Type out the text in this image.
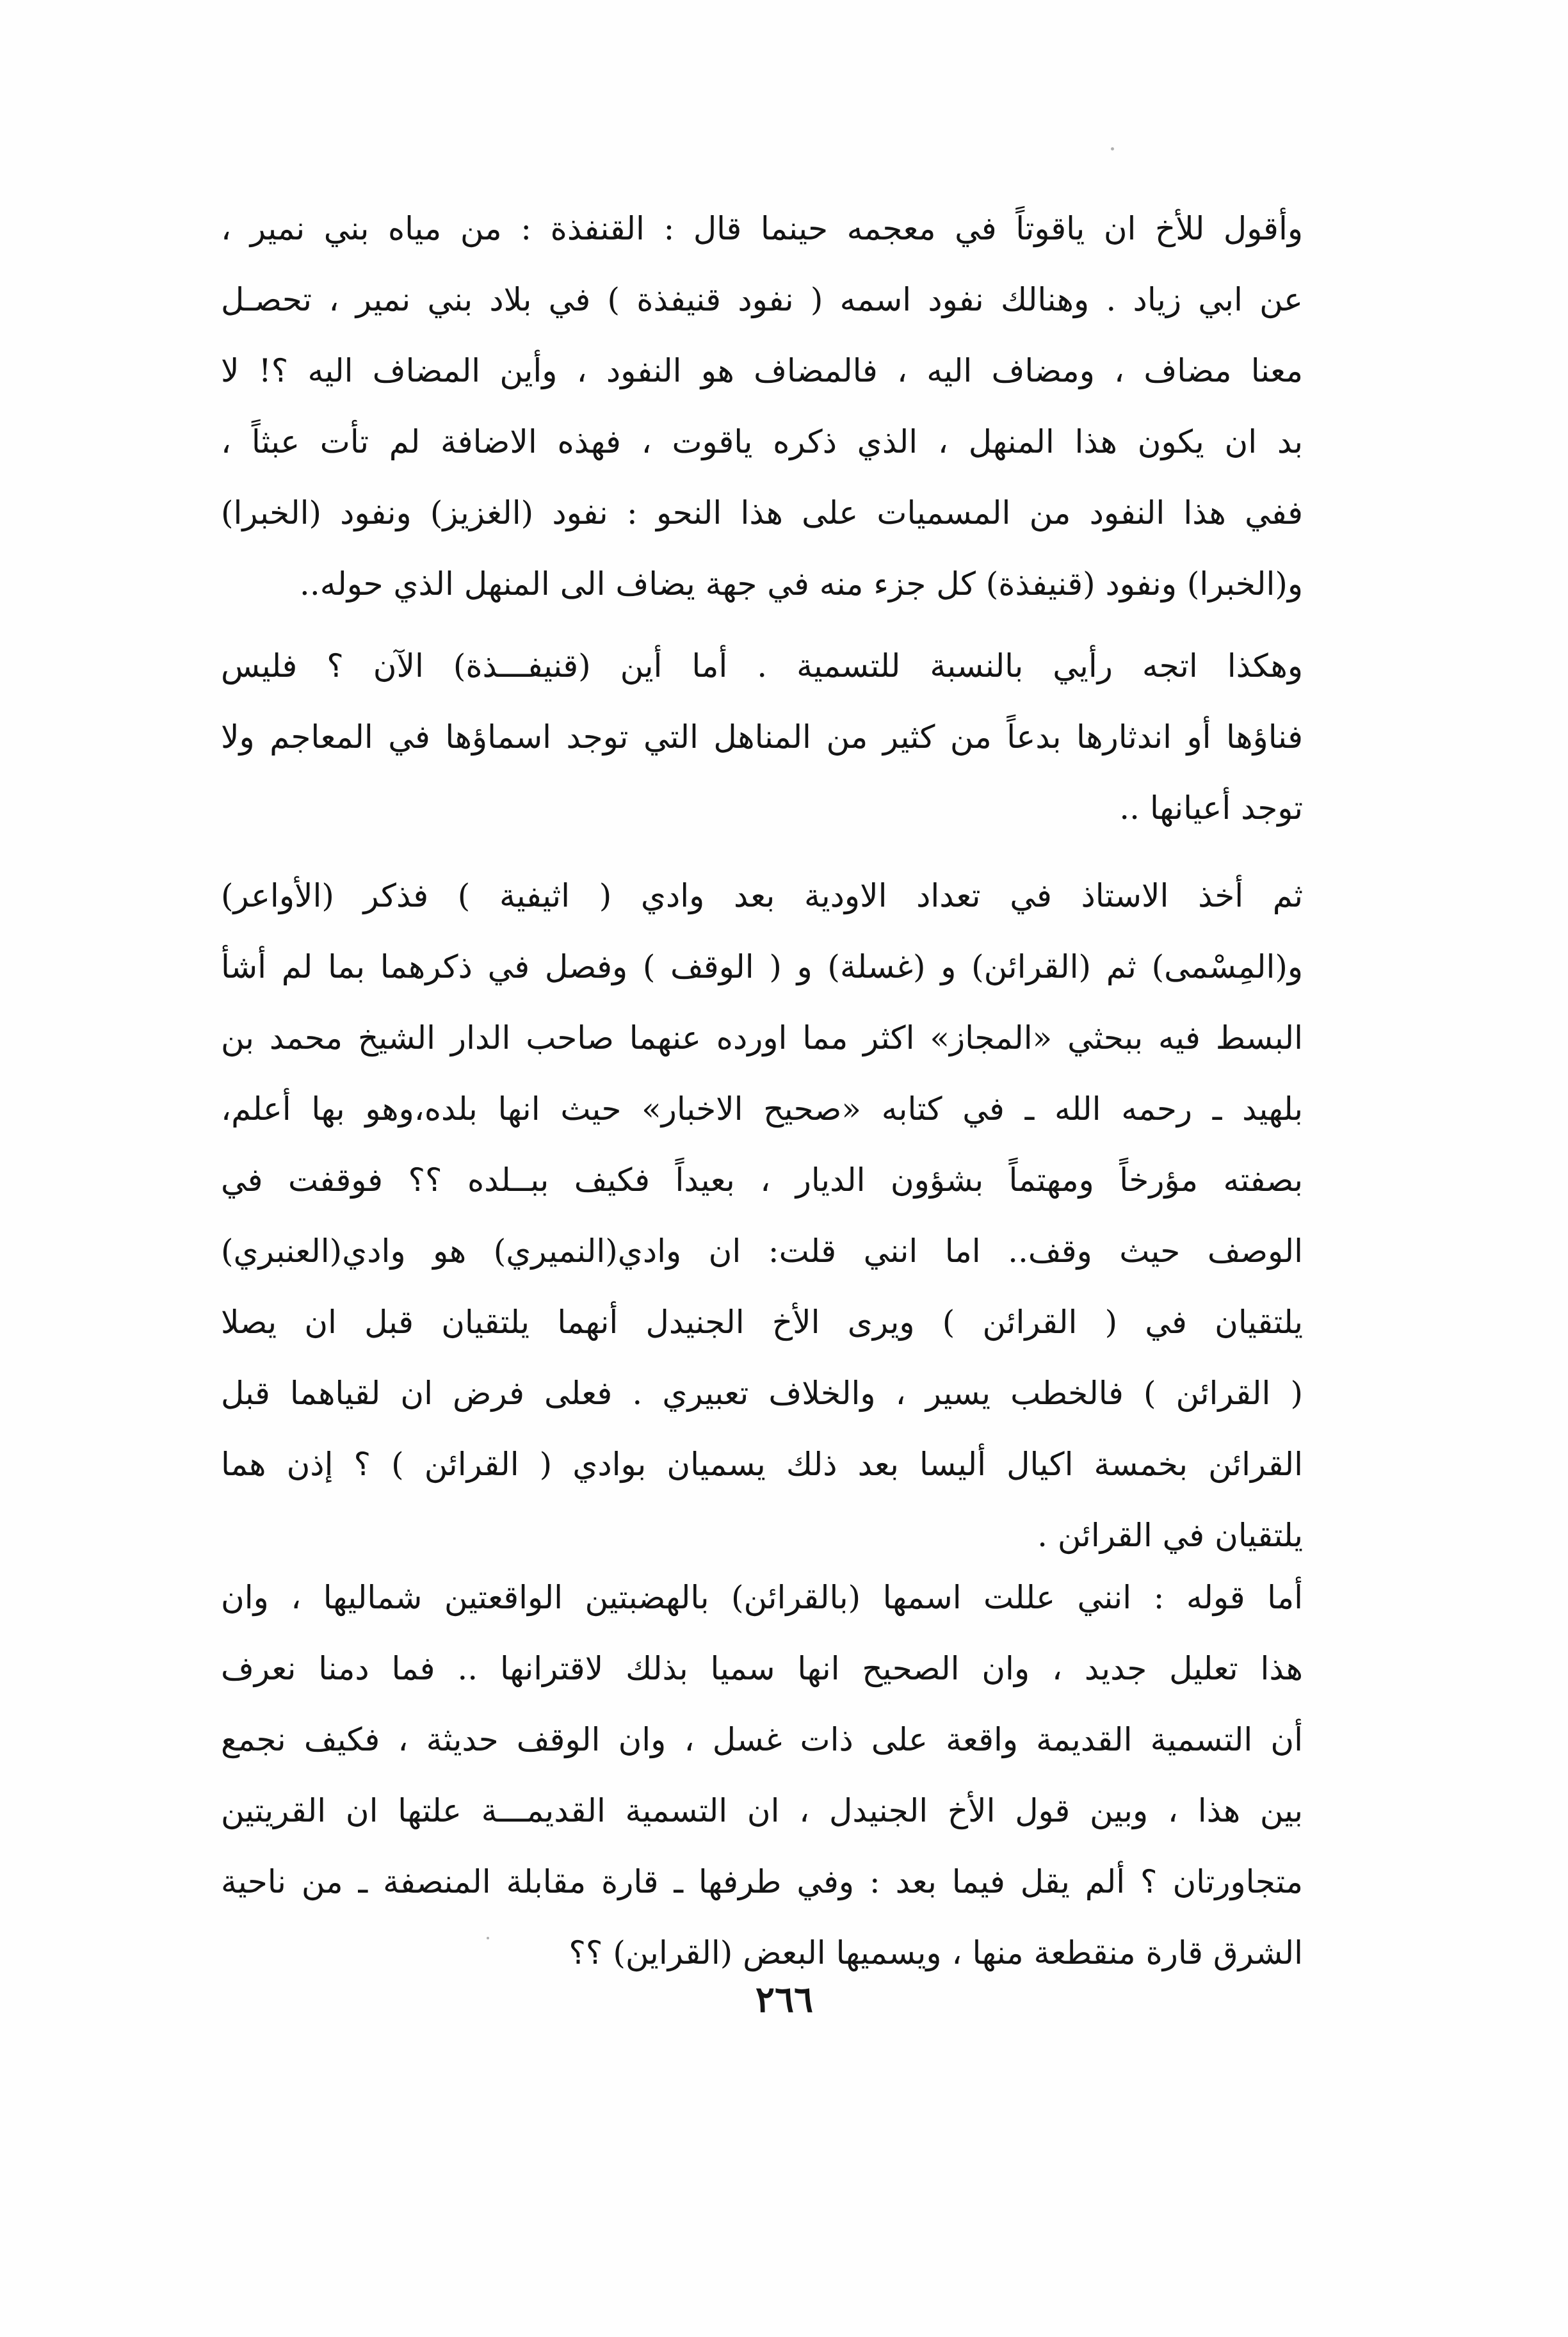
وأقول للأخ ان ياقوتاً في معجمه حينما قال : القنفذة : من مياه بني نمير ،
عن ابي زياد . وهنالك نفود اسمه ( نفود قنيفذة ) في بلاد بني نمير ، تحصـل
معنا مضاف ، ومضاف اليه ، فالمضاف هو النفود ، وأين المضاف اليه ؟! لا
بد ان يكون هذا المنهل ، الذي ذكره ياقوت ، فهذه الاضافة لم تأت عبثاً ،
ففي هذا النفود من المسميات على هذا النحو : نفود (الغزيز) ونفود (الخبرا)
و(الخبرا) ونفود (قنيفذة) كل جزء منه في جهة يضاف الى المنهل الذي حوله..
وهكذا اتجه رأيي بالنسبة للتسمية . أما أين (قنيفـــذة) الآن ؟ فليس
فناؤها أو اندثارها بدعاً من كثير من المناهل التي توجد اسماؤها في المعاجم ولا
توجد أعيانها ..
ثم أخذ الاستاذ في تعداد الاودية بعد وادي ( اثيفية ) فذكر (الأواعر)
و(المِسْمى) ثم (القرائن) و (غسلة) و ( الوقف ) وفصل في ذكرهما بما لم أشأ
البسط فيه ببحثي «المجاز» اكثر مما اورده عنهما صاحب الدار الشيخ محمد بن
بلهيد ـ رحمه الله ـ في كتابه «صحيح الاخبار» حيث انها بلده،وهو بها أعلم،
بصفته مؤرخاً ومهتماً بشؤون الديار ، بعيداً فكيف ببــلده ؟؟ فوقفت في
الوصف حيث وقف.. اما انني قلت: ان وادي(النميري) هو وادي(العنبري)
يلتقيان في ( القرائن ) ويرى الأخ الجنيدل أنهما يلتقيان قبل ان يصلا
( القرائن ) فالخطب يسير ، والخلاف تعبيري . فعلى فرض ان لقياهما قبل
القرائن بخمسة اكيال أليسا بعد ذلك يسميان بوادي ( القرائن ) ؟ إذن هما
يلتقيان في القرائن .
أما قوله : انني عللت اسمها (بالقرائن) بالهضبتين الواقعتين شماليها ، وان
هذا تعليل جديد ، وان الصحيح انها سميا بذلك لاقترانها .. فما دمنا نعرف
أن التسمية القديمة واقعة على ذات غسل ، وان الوقف حديثة ، فكيف نجمع
بين هذا ، وبين قول الأخ الجنيدل ، ان التسمية القديمـــة علتها ان القريتين
متجاورتان ؟ ألم يقل فيما بعد : وفي طرفها ـ قارة مقابلة المنصفة ـ من ناحية
الشرق قارة منقطعة منها ، ويسميها البعض (القراين) ؟؟
٢٦٦
